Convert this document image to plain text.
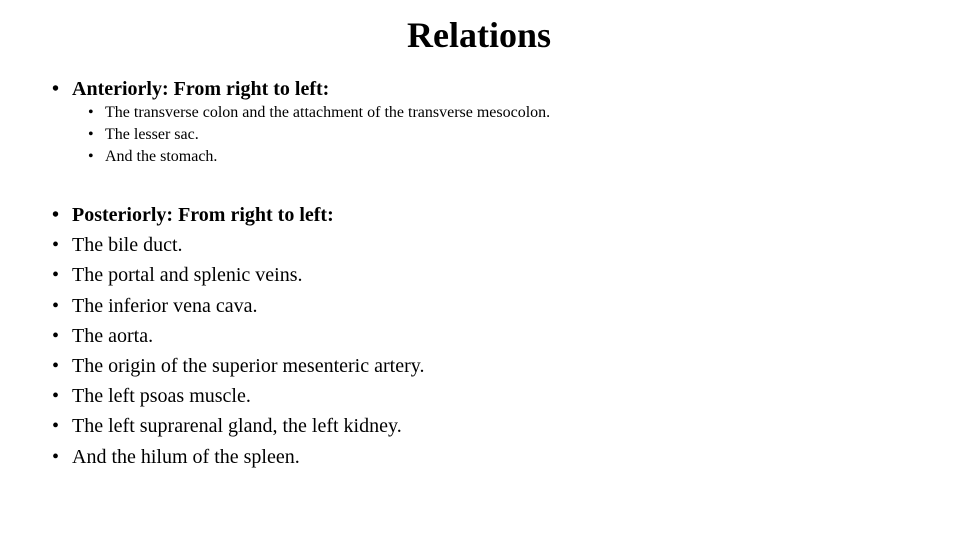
Relations
• Anteriorly: From right to left:
• The transverse colon and the attachment of the transverse mesocolon.
• The lesser sac.
• And the stomach.
• Posteriorly: From right to left:
• The bile duct.
• The portal and splenic veins.
• The inferior vena cava.
• The aorta.
• The origin of the superior mesenteric artery.
• The left psoas muscle.
• The left suprarenal gland, the left kidney.
• And the hilum of the spleen.
